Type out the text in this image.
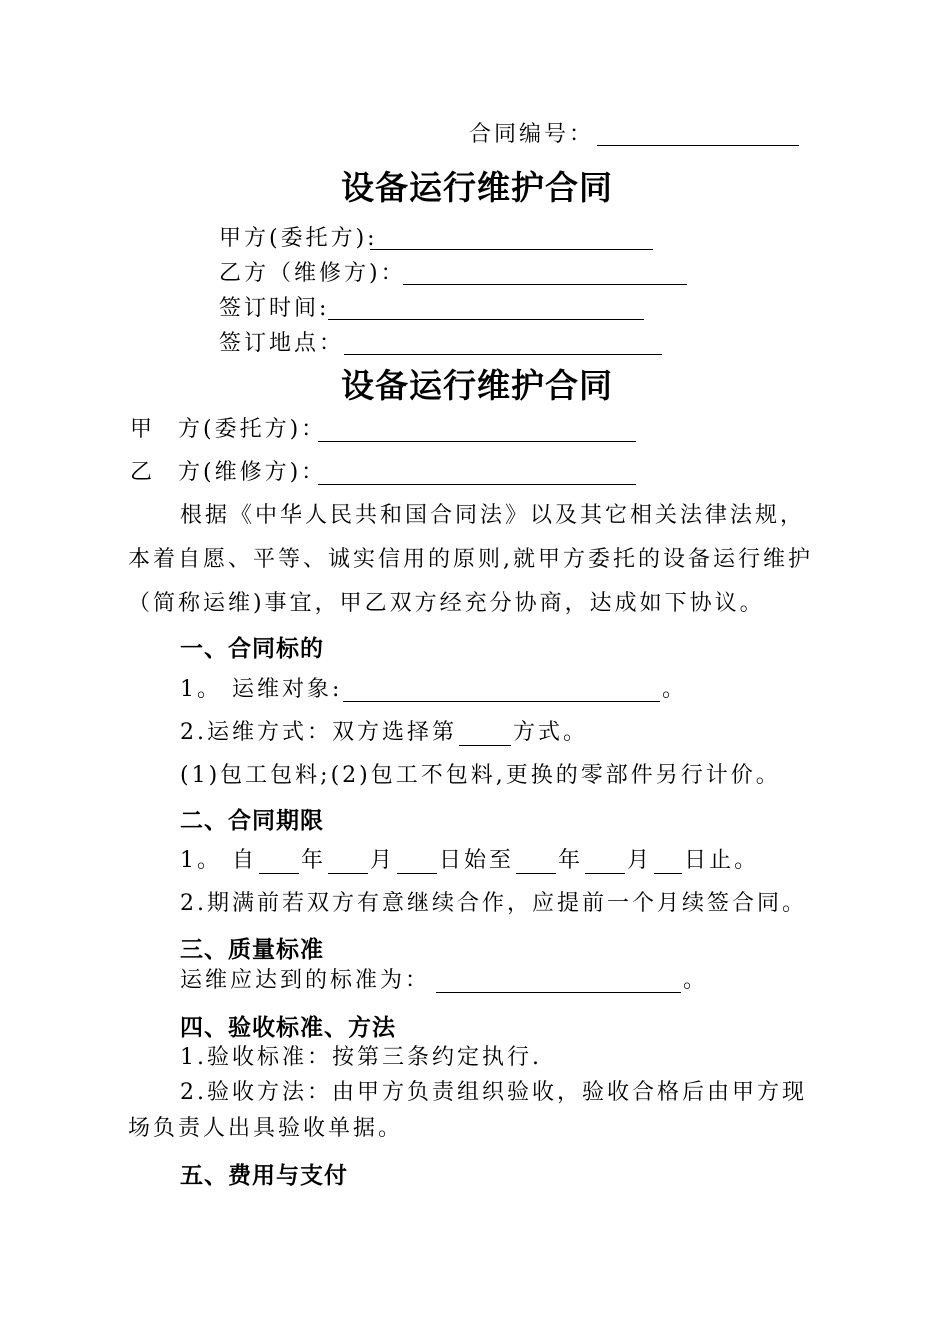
合同编号：
设备运行维护合同
甲方(委托方):
乙方（维修方)：
签订时间:
签订地点：
设备运行维护合同
甲 方(委托方)：
乙 方(维修方)：
根据《中华人民共和国合同法》以及其它相关法律法规，
本着自愿、平等、诚实信用的原则,就甲方委托的设备运行维护
（简称运维)事宜，甲乙双方经充分协商，达成如下协议。
一、合同标的
1。 运维对象:	。
2.运维方式：双方选择第	方式。
(1)包工包料;(2)包工不包料,更换的零部件另行计价。
二、合同期限
1。 自 年 月 日始至 年 月 日止。
2.期满前若双方有意继续合作，应提前一个月续签合同。
三、质量标准
运维应达到的标准为：	。
四、验收标准、方法
1.验收标准：按第三条约定执行.
2.验收方法：由甲方负责组织验收，验收合格后由甲方现
场负责人出具验收单据。
五、费用与支付
